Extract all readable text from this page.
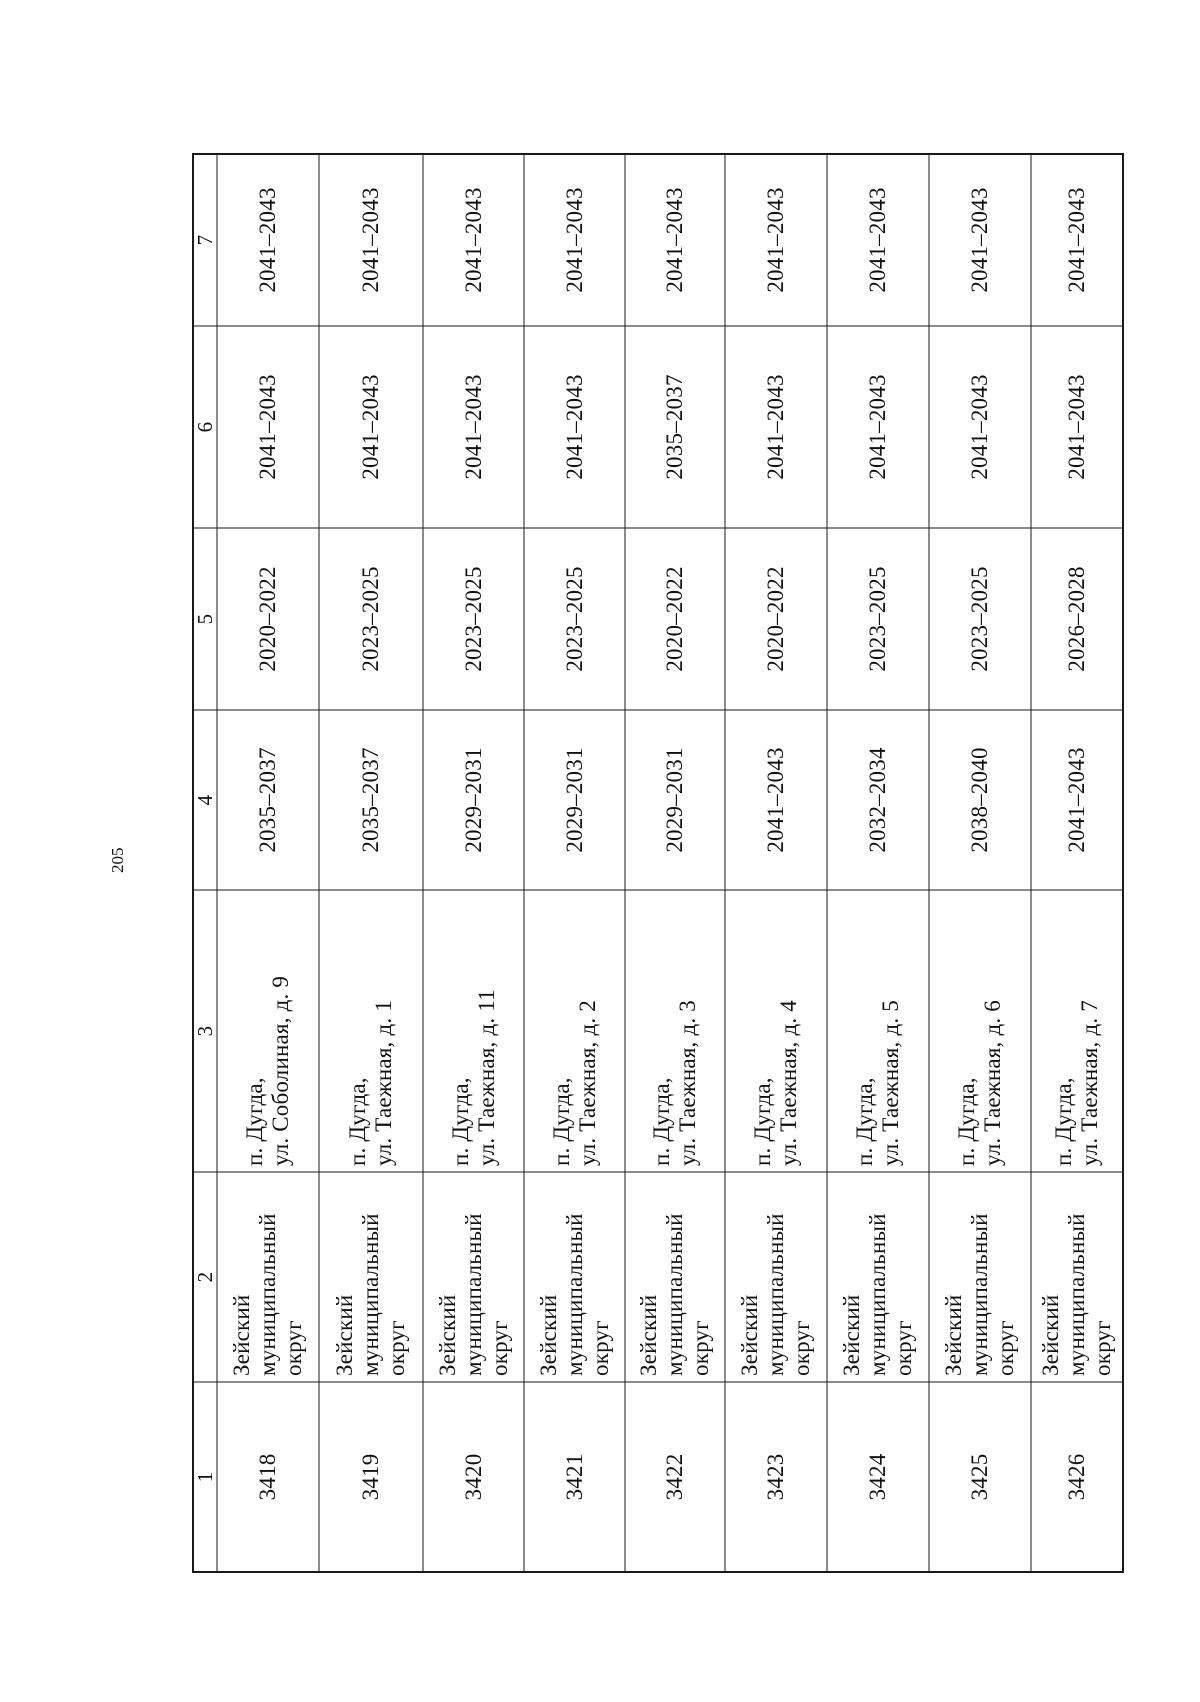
205
1
2
3
4
5
6
7
3418
Зейский
муниципальный
округ
п. Дугда,
ул. Соболиная, д. 9
2035–2037
2020–2022
2041–2043
2041–2043
3419
Зейский
муниципальный
округ
п. Дугда,
ул. Таежная, д. 1
2035–2037
2023–2025
2041–2043
2041–2043
3420
Зейский
муниципальный
округ
п. Дугда,
ул. Таежная, д. 11
2029–2031
2023–2025
2041–2043
2041–2043
3421
Зейский
муниципальный
округ
п. Дугда,
ул. Таежная, д. 2
2029–2031
2023–2025
2041–2043
2041–2043
3422
Зейский
муниципальный
округ
п. Дугда,
ул. Таежная, д. 3
2029–2031
2020–2022
2035–2037
2041–2043
3423
Зейский
муниципальный
округ
п. Дугда,
ул. Таежная, д. 4
2041–2043
2020–2022
2041–2043
2041–2043
3424
Зейский
муниципальный
округ
п. Дугда,
ул. Таежная, д. 5
2032–2034
2023–2025
2041–2043
2041–2043
3425
Зейский
муниципальный
округ
п. Дугда,
ул. Таежная, д. 6
2038–2040
2023–2025
2041–2043
2041–2043
3426
Зейский
муниципальный
округ
п. Дугда,
ул. Таежная, д. 7
2041–2043
2026–2028
2041–2043
2041–2043
